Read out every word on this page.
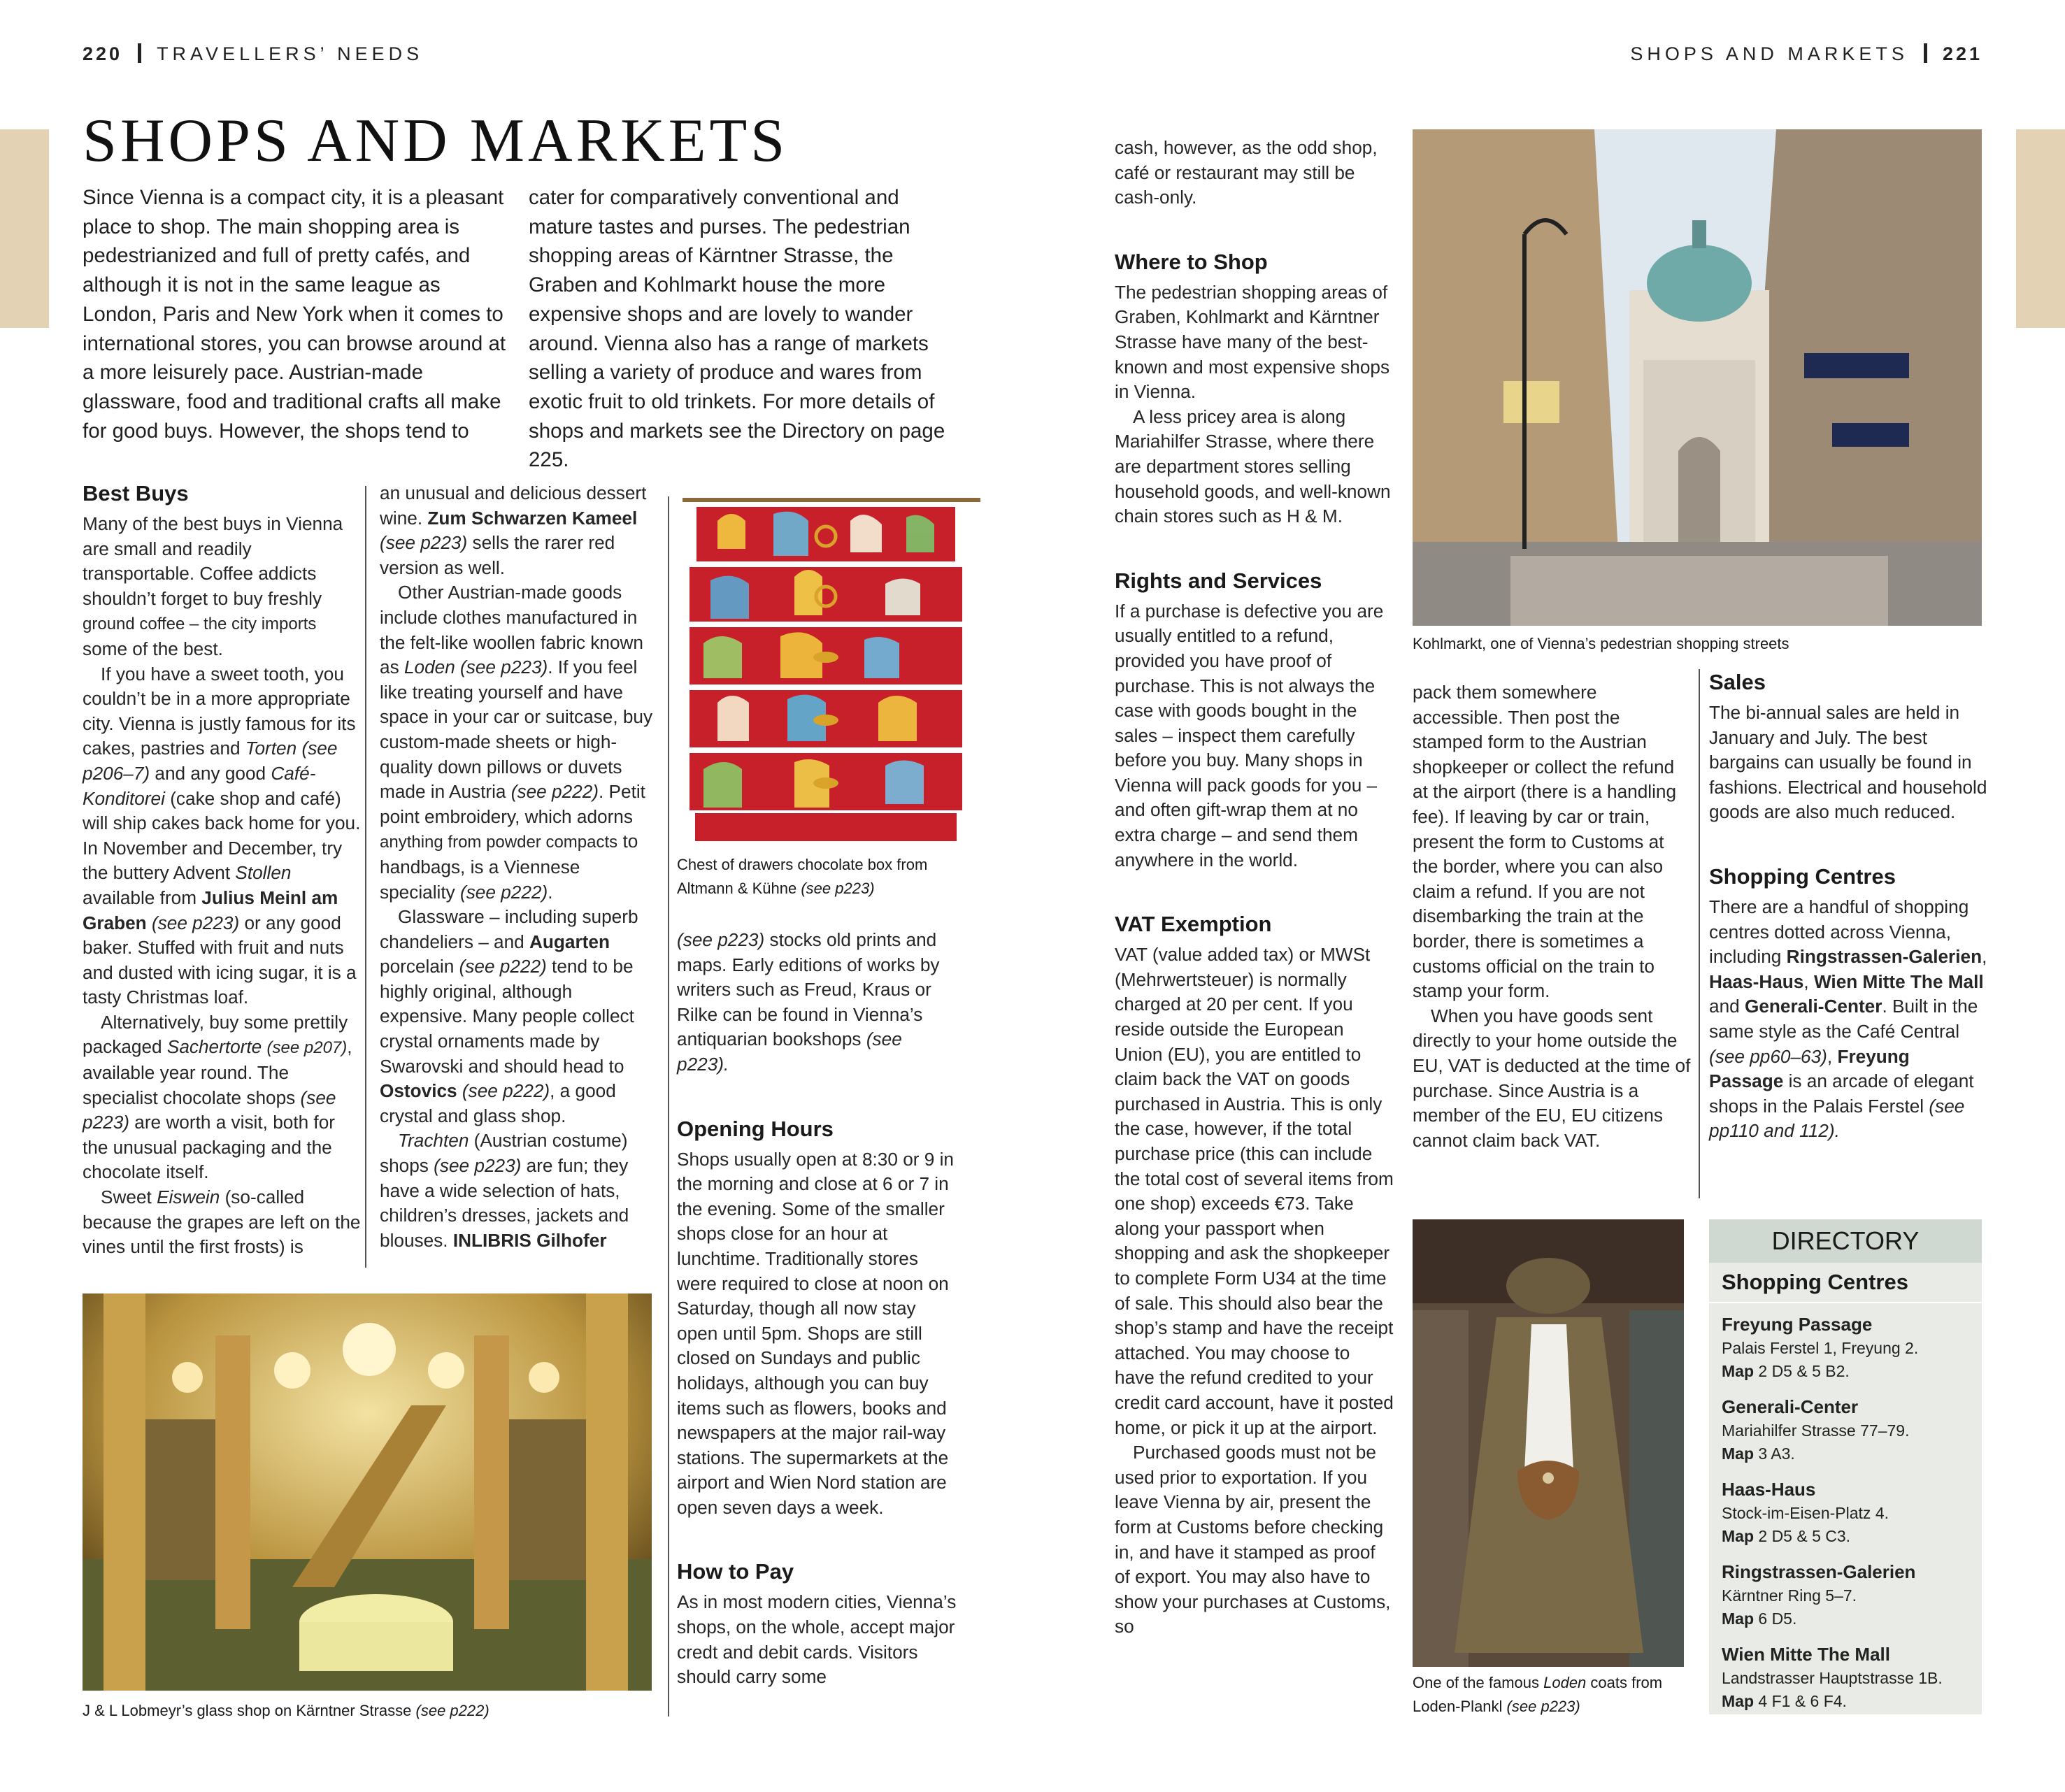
220 TRAVELLERS’ NEEDS	SHOPS AND MARKETS 221
SHOPS AND MARKETS

Since Vienna is a compact city, it is a pleasant place to shop. The main shopping area is pedestrianized and full of pretty cafés, and although it is not in the same league as London, Paris and New York when it comes to international stores, you can browse around at a more leisurely pace. Austrian-made glassware, food and traditional crafts all make for good buys. However, the shops tend to

cater for comparatively conventional and mature tastes and purses. The pedestrian shopping areas of Kärntner Strasse, the Graben and Kohlmarkt house the more expensive shops and are lovely to wander around. Vienna also has a range of markets selling a variety of produce and wares from exotic fruit to old trinkets. For more details of shops and markets see the Directory on page 225.

Best Buys

Many of the best buys in Vienna are small and readily transportable. Coffee addicts shouldn’t forget to buy freshly ground coffee – the city imports some of the best.

If you have a sweet tooth, you couldn’t be in a more appropriate city. Vienna is justly famous for its cakes, pastries and Torten (see p206–7) and any good Café-Konditorei (cake shop and café) will ship cakes back home for you. In November and December, try the buttery Advent Stollen available from Julius Meinl am Graben (see p223) or any good baker. Stuffed with fruit and nuts and dusted with icing sugar, it is a tasty Christmas loaf.

Alternatively, buy some prettily packaged Sachertorte (see p207), available year round. The specialist chocolate shops (see p223) are worth a visit, both for the unusual packaging and the chocolate itself.

Sweet Eiswein (so-called because the grapes are left on the vines until the first frosts) is

an unusual and delicious dessert wine. Zum Schwarzen Kameel (see p223) sells the rarer red version as well.

Other Austrian-made goods include clothes manufactured in the felt-like woollen fabric known as Loden (see p223). If you feel like treating yourself and have space in your car or suitcase, buy custom-made sheets or high-quality down pillows or duvets made in Austria (see p222). Petit point embroidery, which adorns anything from powder compacts to handbags, is a Viennese speciality (see p222).

Glassware – including superb chandeliers – and Augarten porcelain (see p222) tend to be highly original, although expensive. Many people collect crystal ornaments made by Swarovski and should head to Ostovics (see p222), a good crystal and glass shop.

Trachten (Austrian costume) shops (see p223) are fun; they have a wide selection of hats, children’s dresses, jackets and blouses. INLIBRIS Gilhofer

Chest of drawers chocolate box from Altmann & Kühne (see p223)

(see p223) stocks old prints and maps. Early editions of works by writers such as Freud, Kraus or Rilke can be found in Vienna’s antiquarian bookshops (see p223).

Opening Hours

Shops usually open at 8:30 or 9 in the morning and close at 6 or 7 in the evening. Some of the smaller shops close for an hour at lunchtime. Traditionally stores were required to close at noon on Saturday, though all now stay open until 5pm. Shops are still closed on Sundays and public holidays, although you can buy items such as flowers, books and newspapers at the major rail-way stations. The supermarkets at the airport and Wien Nord station are open seven days a week.

How to Pay

As in most modern cities, Vienna’s shops, on the whole, accept major credt and debit cards. Visitors should carry some

J & L Lobmeyr’s glass shop on Kärntner Strasse (see p222)

cash, however, as the odd shop, café or restaurant may still be cash-only.

Where to Shop

The pedestrian shopping areas of Graben, Kohlmarkt and Kärntner Strasse have many of the best-known and most expensive shops in Vienna.

A less pricey area is along Mariahilfer Strasse, where there are department stores selling household goods, and well-known chain stores such as H & M.

Rights and Services

If a purchase is defective you are usually entitled to a refund, provided you have proof of purchase. This is not always the case with goods bought in the sales – inspect them carefully before you buy. Many shops in Vienna will pack goods for you – and often gift-wrap them at no extra charge – and send them anywhere in the world.

VAT Exemption

VAT (value added tax) or MWSt (Mehrwertsteuer) is normally charged at 20 per cent. If you reside outside the European Union (EU), you are entitled to claim back the VAT on goods purchased in Austria. This is only the case, however, if the total purchase price (this can include the total cost of several items from one shop) exceeds €73. Take along your passport when shopping and ask the shopkeeper to complete Form U34 at the time of sale. This should also bear the shop’s stamp and have the receipt attached. You may choose to have the refund credited to your credit card account, have it posted home, or pick it up at the airport.

Purchased goods must not be used prior to exportation. If you leave Vienna by air, present the form at Customs before checking in, and have it stamped as proof of export. You may also have to show your purchases at Customs, so

Kohlmarkt, one of Vienna’s pedestrian shopping streets

pack them somewhere accessible. Then post the stamped form to the Austrian shopkeeper or collect the refund at the airport (there is a handling fee). If leaving by car or train, present the form to Customs at the border, where you can also claim a refund. If you are not disembarking the train at the border, there is sometimes a customs official on the train to stamp your form.

When you have goods sent directly to your home outside the EU, VAT is deducted at the time of purchase. Since Austria is a member of the EU, EU citizens cannot claim back VAT.

Sales

The bi-annual sales are held in January and July. The best bargains can usually be found in fashions. Electrical and household goods are also much reduced.

Shopping Centres

There are a handful of shopping centres dotted across Vienna, including Ringstrassen-Galerien, Haas-Haus, Wien Mitte The Mall and Generali-Center. Built in the same style as the Café Central (see pp60–63), Freyung Passage is an arcade of elegant shops in the Palais Ferstel (see pp110 and 112).

One of the famous Loden coats from Loden-Plankl (see p223)
DIRECTORY
Shopping Centres
Freyung Passage
Palais Ferstel 1, Freyung 2.
Map 2 D5 & 5 B2.
Generali-Center
Mariahilfer Strasse 77–79.
Map 3 A3.
Haas-Haus
Stock-im-Eisen-Platz 4.
Map 2 D5 & 5 C3.
Ringstrassen-Galerien
Kärntner Ring 5–7.
Map 6 D5.
Wien Mitte The Mall
Landstrasser Hauptstrasse 1B.
Map 4 F1 & 6 F4.
